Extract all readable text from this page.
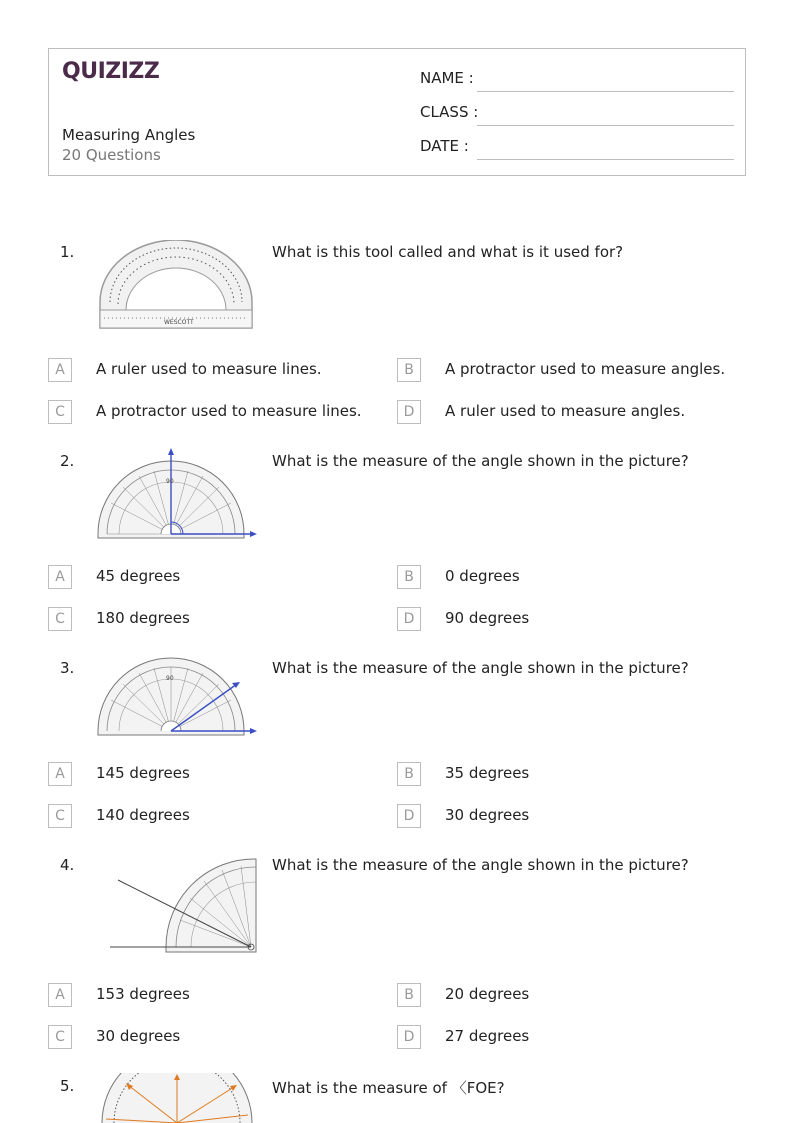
QUIZIZZ
Measuring Angles
20 Questions
NAME :
CLASS :
DATE :
1.
WESCOTT
What is this tool called and what is it used for?
A	A ruler used to measure lines.	B	A protractor used to measure angles.
C	A protractor used to measure lines.	D	A ruler used to measure angles.
2.
90
What is the measure of the angle shown in the picture?
A	45 degrees	B	0 degrees
C	180 degrees	D	90 degrees
3.
90
What is the measure of the angle shown in the picture?
A	145 degrees	B	35 degrees
C	140 degrees	D	30 degrees
4.	What is the measure of the angle shown in the picture?
A	153 degrees	B	20 degrees
C	30 degrees	D	27 degrees
5.	What is the measure of 〈FOE?
